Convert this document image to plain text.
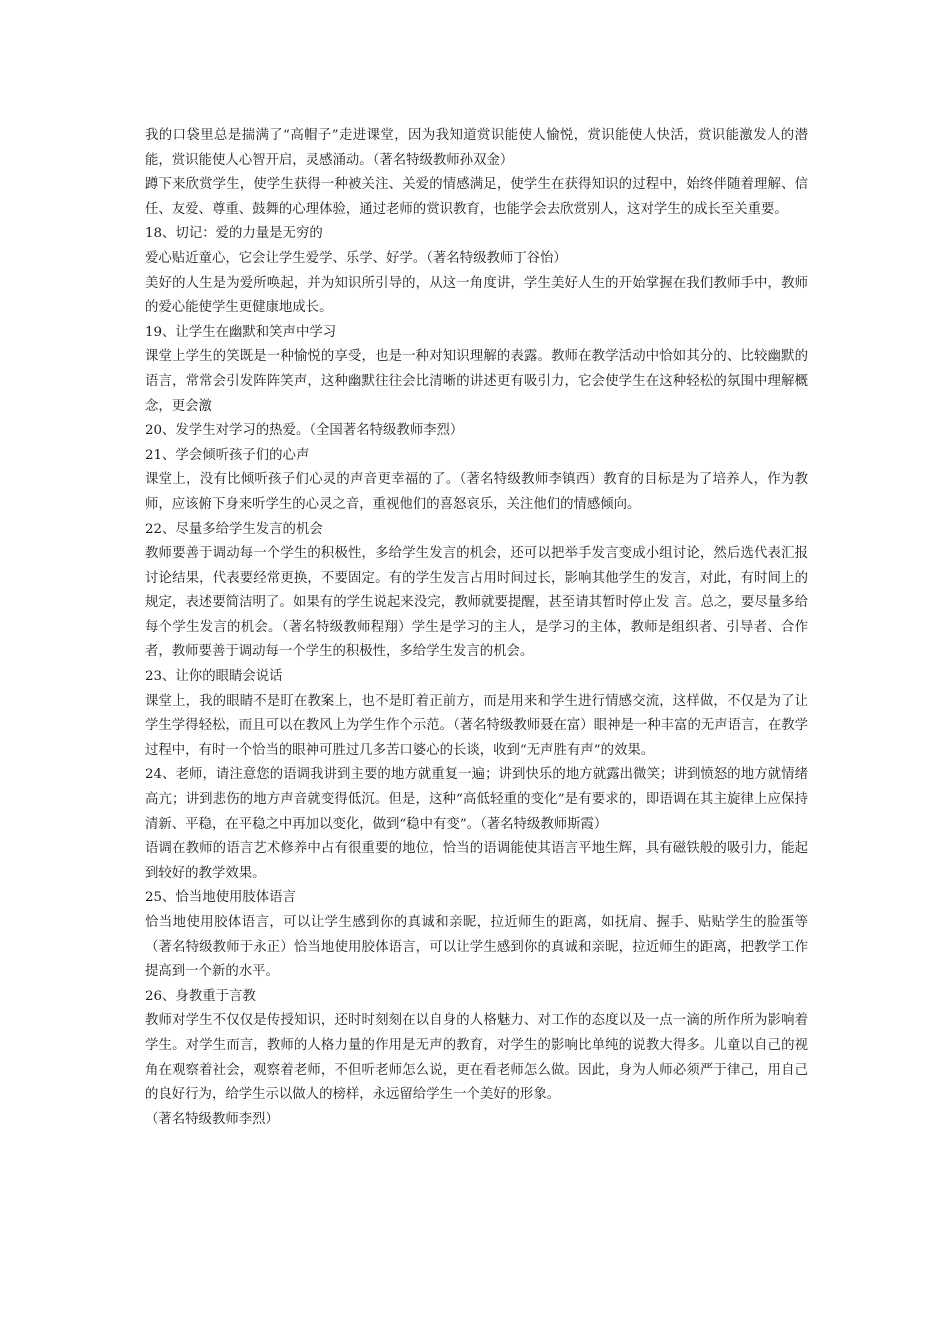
我的口袋里总是揣满了“高帽子”走进课堂，因为我知道赏识能使人愉悦，赏识能使人快活，赏识能激发人的潜能，赏识能使人心智开启，灵感涌动。（著名特级教师孙双金）

蹲下来欣赏学生，使学生获得一种被关注、关爱的情感满足，使学生在获得知识的过程中，始终伴随着理解、信任、友爱、尊重、鼓舞的心理体验，通过老师的赏识教育，也能学会去欣赏别人，这对学生的成长至关重要。

18、切记：爱的力量是无穷的

爱心贴近童心，它会让学生爱学、乐学、好学。（著名特级教师丁谷怡）

美好的人生是为爱所唤起，并为知识所引导的，从这一角度讲，学生美好人生的开始掌握在我们教师手中，教师的爱心能使学生更健康地成长。

19、让学生在幽默和笑声中学习

课堂上学生的笑既是一种愉悦的享受，也是一种对知识理解的表露。教师在教学活动中恰如其分的、比较幽默的语言，常常会引发阵阵笑声，这种幽默往往会比清晰的讲述更有吸引力，它会使学生在这种轻松的氛围中理解概念，更会激

20、发学生对学习的热爱。（全国著名特级教师李烈）

21、学会倾听孩子们的心声

课堂上，没有比倾听孩子们心灵的声音更幸福的了。（著名特级教师李镇西）教育的目标是为了培养人，作为教师，应该俯下身来听学生的心灵之音，重视他们的喜怒哀乐，关注他们的情感倾向。

22、尽量多给学生发言的机会

教师要善于调动每一个学生的积极性，多给学生发言的机会，还可以把举手发言变成小组讨论，然后选代表汇报讨论结果，代表要经常更换，不要固定。有的学生发言占用时间过长，影响其他学生的发言，对此，有时间上的规定，表述要简洁明了。如果有的学生说起来没完，教师就要提醒，甚至请其暂时停止发 言。总之，要尽量多给每个学生发言的机会。（著名特级教师程翔）学生是学习的主人，是学习的主体，教师是组织者、引导者、合作者，教师要善于调动每一个学生的积极性，多给学生发言的机会。

23、让你的眼睛会说话

课堂上，我的眼睛不是盯在教案上，也不是盯着正前方，而是用来和学生进行情感交流，这样做，不仅是为了让学生学得轻松，而且可以在教风上为学生作个示范。（著名特级教师聂在富）眼神是一种丰富的无声语言，在教学过程中，有时一个恰当的眼神可胜过几多苦口婆心的长谈，收到“无声胜有声”的效果。

24、老师，请注意您的语调我讲到主要的地方就重复一遍；讲到快乐的地方就露出微笑；讲到愤怒的地方就情绪高亢；讲到悲伤的地方声音就变得低沉。但是，这种“高低轻重的变化”是有要求的，即语调在其主旋律上应保持清新、平稳，在平稳之中再加以变化，做到“稳中有变”。（著名特级教师斯霞）

语调在教师的语言艺术修养中占有很重要的地位，恰当的语调能使其语言平地生辉，具有磁铁般的吸引力，能起到较好的教学效果。

25、恰当地使用肢体语言

恰当地使用胶体语言，可以让学生感到你的真诚和亲昵，拉近师生的距离，如抚肩、握手、贴贴学生的脸蛋等（著名特级教师于永正）恰当地使用胶体语言，可以让学生感到你的真诚和亲昵，拉近师生的距离，把教学工作提高到一个新的水平。

26、身教重于言教

教师对学生不仅仅是传授知识，还时时刻刻在以自身的人格魅力、对工作的态度以及一点一滴的所作所为影响着学生。对学生而言，教师的人格力量的作用是无声的教育，对学生的影响比单纯的说教大得多。儿童以自己的视角在观察着社会，观察着老师，不但听老师怎么说，更在看老师怎么做。因此，身为人师必须严于律己，用自己的良好行为，给学生示以做人的榜样，永远留给学生一个美好的形象。

（著名特级教师李烈）
